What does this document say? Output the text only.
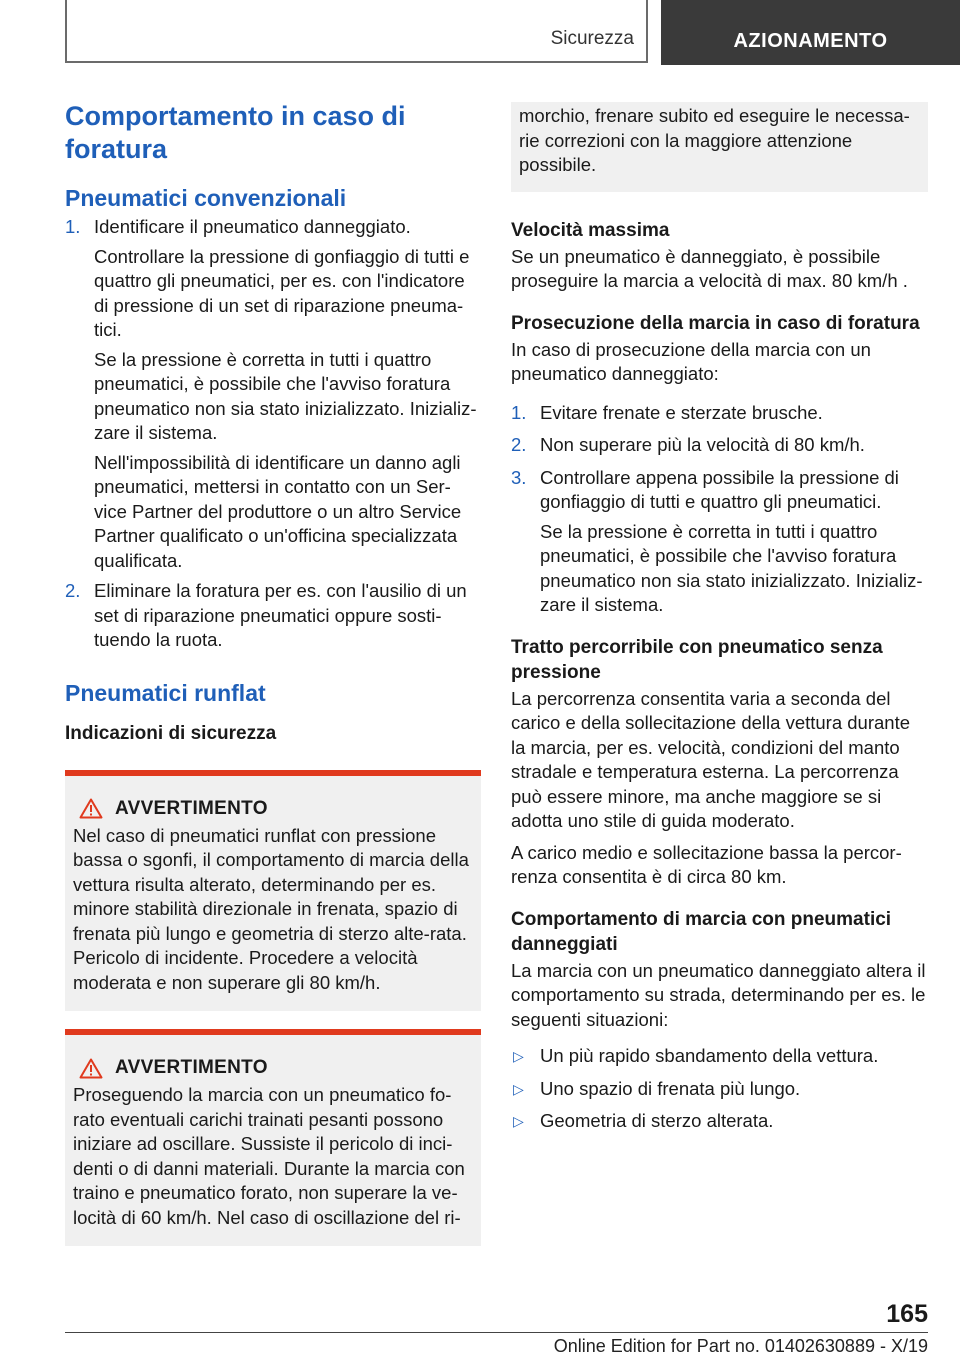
Sicurezza	AZIONAMENTO
Comportamento in caso di foratura
Pneumatici convenzionali
1. Identificare il pneumatico danneggiato.
Controllare la pressione di gonfiaggio di tutti e quattro gli pneumatici, per es. con l'indicatore di pressione di un set di riparazione pneuma-tici.
Se la pressione è corretta in tutti i quattro pneumatici, è possibile che l'avviso foratura pneumatico non sia stato inizializzato. Inizializ-zare il sistema.
Nell'impossibilità di identificare un danno agli pneumatici, mettersi in contatto con un Ser-vice Partner del produttore o un altro Service Partner qualificato o un'officina specializzata qualificata.
2. Eliminare la foratura per es. con l'ausilio di un set di riparazione pneumatici oppure sosti-tuendo la ruota.
Pneumatici runflat
Indicazioni di sicurezza
AVVERTIMENTO

Nel caso di pneumatici runflat con pressione bassa o sgonfi, il comportamento di marcia della vettura risulta alterato, determinando per es. minore stabilità direzionale in frenata, spazio di frenata più lungo e geometria di sterzo alte-rata. Pericolo di incidente. Procedere a velocità moderata e non superare gli 80 km/h.

AVVERTIMENTO

Proseguendo la marcia con un pneumatico fo-rato eventuali carichi trainati pesanti possono iniziare ad oscillare. Sussiste il pericolo di inci-denti o di danni materiali. Durante la marcia con traino e pneumatico forato, non superare la ve-locità di 60 km/h. Nel caso di oscillazione del ri-

morchio, frenare subito ed eseguire le necessa-rie correzioni con la maggiore attenzione possibile.

Velocità massima

Se un pneumatico è danneggiato, è possibile proseguire la marcia a velocità di max. 80 km/h .

Prosecuzione della marcia in caso di foratura

In caso di prosecuzione della marcia con un pneumatico danneggiato:

1. Evitare frenate e sterzate brusche.
2. Non superare più la velocità di 80 km/h.
3. Controllare appena possibile la pressione di gonfiaggio di tutti e quattro gli pneumatici.
Se la pressione è corretta in tutti i quattro pneumatici, è possibile che l'avviso foratura pneumatico non sia stato inizializzato. Inizializ-zare il sistema.
Tratto percorribile con pneumatico senza pressione

La percorrenza consentita varia a seconda del carico e della sollecitazione della vettura durante la marcia, per es. velocità, condizioni del manto stradale e temperatura esterna. La percorrenza può essere minore, ma anche maggiore se si adotta uno stile di guida moderato.

A carico medio e sollecitazione bassa la percor-renza consentita è di circa 80 km.

Comportamento di marcia con pneumatici danneggiati

La marcia con un pneumatico danneggiato altera il comportamento su strada, determinando per es. le seguenti situazioni:

▷ Un più rapido sbandamento della vettura.
▷ Uno spazio di frenata più lungo.
▷ Geometria di sterzo alterata.
165
Online Edition for Part no. 01402630889 - X/19
